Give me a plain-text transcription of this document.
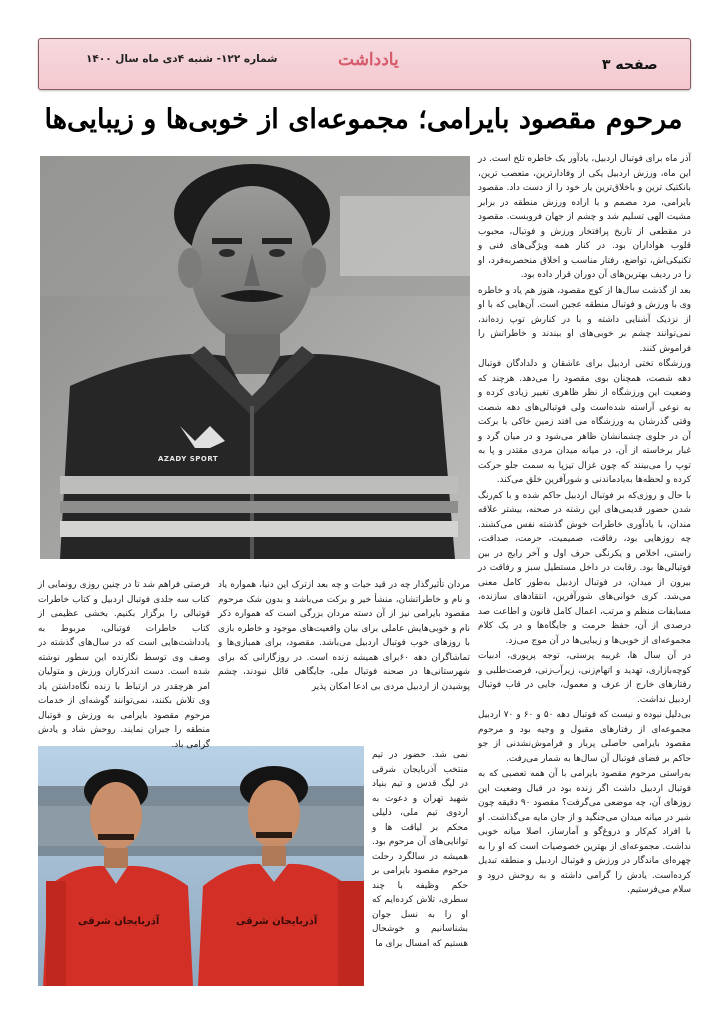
شماره ۱۲۲- شنبه ۴دی ماه سال ۱۴۰۰	یادداشت	صفحه ۳
مرحوم مقصود بایرامی؛ مجموعه‌ای از خوبی‌ها و زیبایی‌ها
AZADY SPORT
آذربایجان شرقی	آذربایجان شرقی

آذر ماه برای فوتبال اردبیل، یادآور یک خاطره تلخ است. در این ماه، ورزش اردبیل یکی از وفادارترین، متعصب ترین، بانکتیک ترین و باخلاق‌ترین یار خود را از دست داد. مقصود بایرامی، مرد مصمم و با اراده ورزش منطقه در برابر مشیت الهی تسلیم شد و چشم از جهان فروبست. مقصود در مقطعی از تاریخ پرافتخار ورزش و فوتبال، محبوب قلوب هواداران بود. در کنار همه ویژگی‌های فنی و تکنیکی‌اش، تواضع، رفتار مناسب و اخلاق منحصربه‌فرد، او را در ردیف بهترین‌های آن دوران قرار داده بود.

بعد از گذشت سال‌ها از کوچ مقصود، هنوز هم یاد و خاطره وی با ورزش و فوتبال منطقه عجین است. آن‌هایی که با او از نزدیک آشنایی داشته و با در کنارش توپ زده‌اند، نمی‌توانند چشم بر خوبی‌های او ببندند و خاطراتش را فراموش کنند.

ورزشگاه تختی اردبیل برای عاشقان و دلدادگان فوتبال دهه شصت، همچنان بوی مقصود را می‌دهد. هرچند که وضعیت این ورزشگاه از نظر ظاهری تغییر زیادی کرده و به نوعی آراسته شده‌است ولی فوتبالی‌های دهه شصت وقتی گذرشان به ورزشگاه می افتد زمین خاکی با برکت آن در جلوی چشمانشان ظاهر می‌شود و در میان گرد و غبار برخاسته از آن، در میانه میدان مردی مقتدر و پا به توپ را می‌بینند که چون غزال تیزپا به سمت جلو حرکت کرده و لحظه‌ها به‌یادماندنی و شورآفرین خلق می‌کند.

با حال و روزی‌که بر فوتبال اردبیل حاکم شده و با کم‌رنگ شدن حضور قدیمی‌های این رشته در صحنه، بیشتر علاقه مندان، با یادآوری خاطرات خوش گذشته نفس می‌کشند. چه روزهایی بود، رفاقت، صمیمیت، حرمت، صداقت، راستی، اخلاص و یکرنگی حرف اول و آخر رایج در بین فوتبالی‌ها بود. رقابت در داخل مستطیل سبز و رفاقت در بیرون از میدان، در فوتبال اردبیل به‌طور کامل معنی می‌شد. کری خوانی‌های شورآفرین، انتقادهای سازنده، مسابقات منظم و مرتب، اعمال کامل قانون و اطاعت صد درصدی از آن، حفظ حرمت و جایگاه‌ها و در یک کلام مجموعه‌ای از خوبی‌ها و زیبایی‌ها در آن موج می‌زد.

در آن سال ها، غریبه پرستی، توجه پرپوری، ادبیات کوچه‌بازاری، تهدید و اتهام‌زنی، زیرآب‌زنی، فرصت‌طلبی و رفتارهای خارج از عرف و معمول، جایی در قاب فوتبال اردبیل نداشت.

بی‌دلیل نبوده و نیست که فوتبال دهه ۵۰ و ۶۰ و ۷۰ اردبیل مجموعه‌ای از رفتارهای مقبول و وجیه بود و مرحوم مقصود بایرامی حاصلی پربار و فراموش‌نشدنی از جو حاکم بر فضای فوتبال آن سال‌ها به شمار می‌رفت.

به‌راستی مرحوم مقصود بایرامی با آن همه تعصبی که به فوتبال اردبیل داشت اگر زنده بود در قبال وضعیت این روزهای آن، چه موضعی می‌گرفت؟ مقصود ۹۰ دقیقه چون شیر در میانه میدان می‌جنگید و از جان مایه می‌گذاشت. او با افراد کم‌کار و دروغ‌گو و آمارساز، اصلا میانه خوبی نداشت. مجموعه‌ای از بهترین خصوصیات است که او را به چهره‌ای ماندگار در ورزش و فوتبال اردبیل و منطقه تبدیل کرده‌است. یادش را گرامی داشته و به روحش درود و سلام می‌فرستیم.

مردان تأثیرگذار چه در قید حیات و چه بعد ازترک این دنیا، همواره یاد و نام و خاطراتشان، منشأ خیر و برکت می‌باشد و بدون شک مرحوم مقصود بایرامی نیز از آن دسته مردان بزرگی است که همواره ذکر نام و خوبی‌هایش عاملی برای بیان واقعیت‌های موجود و خاطره بازی با روزهای خوب فوتبال اردبیل می‌باشد. مقصود، برای همبازی‌ها و تماشاگران دهه ۶۰برای همیشه زنده است. در روزگارانی که برای شهرستانی‌ها در صحنه فوتبال ملی، جایگاهی قائل نبودند، چشم پوشیدن از اردبیل مردی بی ادعا امکان پذیر

نمی شد. حضور در تیم منتخب آذربایجان شرقی در لیگ قدس و تیم بنیاد شهید تهران و دعوت به اردوی تیم ملی، دلیلی محکم بر لیاقت ها و توانایی‌های آن مرحوم بود. همیشه در سالگرد رحلت مرحوم مقصود بایرامی بر حکم وظیفه با چند سطری، تلاش کرده‌ایم که او را به نسل جوان بشناسانیم و خوشحال هستیم که امسال برای ما

فرصتی فراهم شد تا در چنین روزی رونمایی از کتاب سه جلدی فوتبال اردبیل و کتاب خاطرات فوتبالی را برگزار بکنیم. بخشی عظیمی از کتاب خاطرات فوتبالی، مربوط به یادداشت‌هایی است که در سال‌های گذشته در وصف وی توسط نگارنده این سطور نوشته شده است. دست اندرکاران ورزش و متولیان امر هرچقدر در ارتباط با زنده نگاه‌داشتن یاد وی تلاش بکنند، نمی‌توانند گوشه‌ای از خدمات مرحوم مقصود بایرامی به ورزش و فوتبال منطقه را جبران نمایند. روحش شاد و یادش گرامی باد.
